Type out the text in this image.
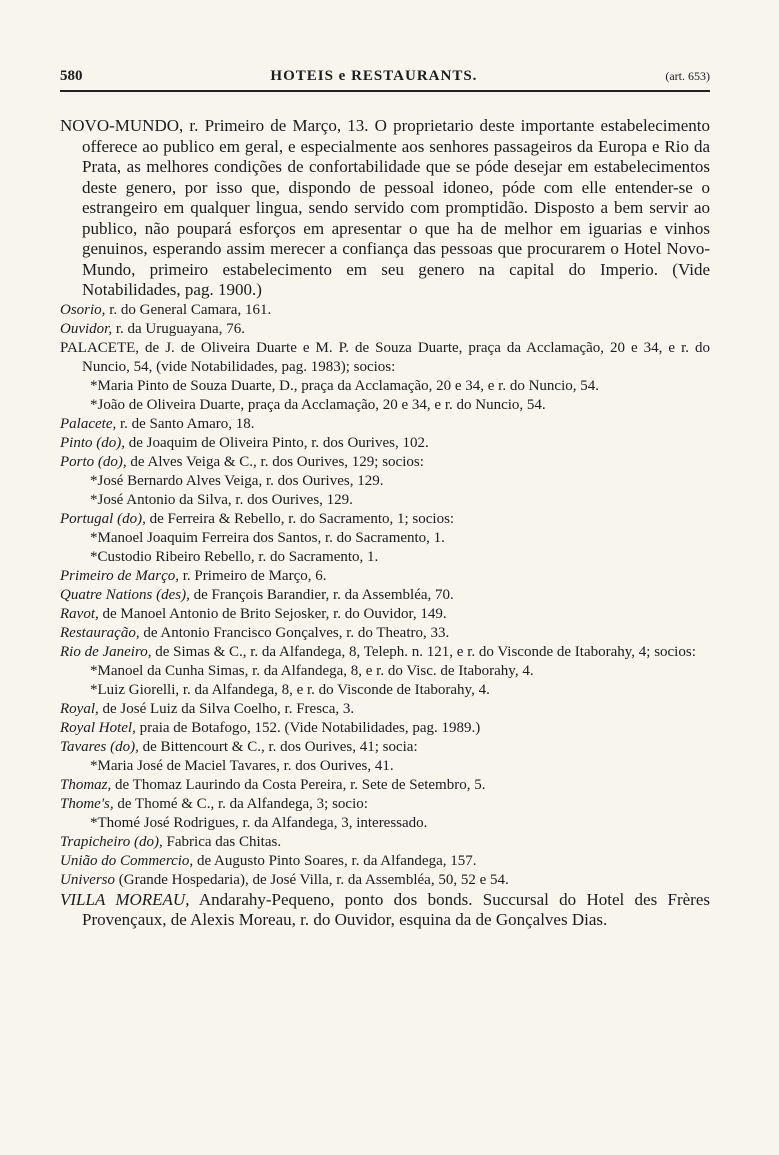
580	HOTEIS e RESTAURANTS.	(art. 653)
NOVO-MUNDO, r. Primeiro de Março, 13. O proprietario deste importante estabelecimento offerece ao publico em geral, e especialmente aos senhores passageiros da Europa e Rio da Prata, as melhores condições de confortabilidade que se póde desejar em estabelecimentos deste genero, por isso que, dispondo de pessoal idoneo, póde com elle entender-se o estrangeiro em qualquer lingua, sendo servido com promptidão. Disposto a bem servir ao publico, não poupará esforços em apresentar o que ha de melhor em iguarias e vinhos genuinos, esperando assim merecer a confiança das pessoas que procurarem o Hotel Novo-Mundo, primeiro estabelecimento em seu genero na capital do Imperio. (Vide Notabilidades, pag. 1900.)
Osorio, r. do General Camara, 161.
Ouvidor, r. da Uruguayana, 76.
PALACETE, de J. de Oliveira Duarte e M. P. de Souza Duarte, praça da Acclamação, 20 e 34, e r. do Nuncio, 54, (vide Notabilidades, pag. 1983); socios:
*Maria Pinto de Souza Duarte, D., praça da Acclamação, 20 e 34, e r. do Nuncio, 54.
*João de Oliveira Duarte, praça da Acclamação, 20 e 34, e r. do Nuncio, 54.
Palacete, r. de Santo Amaro, 18.
Pinto (do), de Joaquim de Oliveira Pinto, r. dos Ourives, 102.
Porto (do), de Alves Veiga & C., r. dos Ourives, 129; socios:
*José Bernardo Alves Veiga, r. dos Ourives, 129.
*José Antonio da Silva, r. dos Ourives, 129.
Portugal (do), de Ferreira & Rebello, r. do Sacramento, 1; socios:
*Manoel Joaquim Ferreira dos Santos, r. do Sacramento, 1.
*Custodio Ribeiro Rebello, r. do Sacramento, 1.
Primeiro de Março, r. Primeiro de Março, 6.
Quatre Nations (des), de François Barandier, r. da Assembléa, 70.
Ravot, de Manoel Antonio de Brito Sejosker, r. do Ouvidor, 149.
Restauração, de Antonio Francisco Gonçalves, r. do Theatro, 33.
Rio de Janeiro, de Simas & C., r. da Alfandega, 8, Teleph. n. 121, e r. do Visconde de Itaborahy, 4; socios:
*Manoel da Cunha Simas, r. da Alfandega, 8, e r. do Visc. de Itaborahy, 4.
*Luiz Giorelli, r. da Alfandega, 8, e r. do Visconde de Itaborahy, 4.
Royal, de José Luiz da Silva Coelho, r. Fresca, 3.
Royal Hotel, praia de Botafogo, 152. (Vide Notabilidades, pag. 1989.)
Tavares (do), de Bittencourt & C., r. dos Ourives, 41; socia:
*Maria José de Maciel Tavares, r. dos Ourives, 41.
Thomaz, de Thomaz Laurindo da Costa Pereira, r. Sete de Setembro, 5.
Thome's, de Thomé & C., r. da Alfandega, 3; socio:
*Thomé José Rodrigues, r. da Alfandega, 3, interessado.
Trapicheiro (do), Fabrica das Chitas.
União do Commercio, de Augusto Pinto Soares, r. da Alfandega, 157.
Universo (Grande Hospedaria), de José Villa, r. da Assembléa, 50, 52 e 54.
VILLA MOREAU, Andarahy-Pequeno, ponto dos bonds. Succursal do Hotel des Frères Provençaux, de Alexis Moreau, r. do Ouvidor, esquina da de Gonçalves Dias.
